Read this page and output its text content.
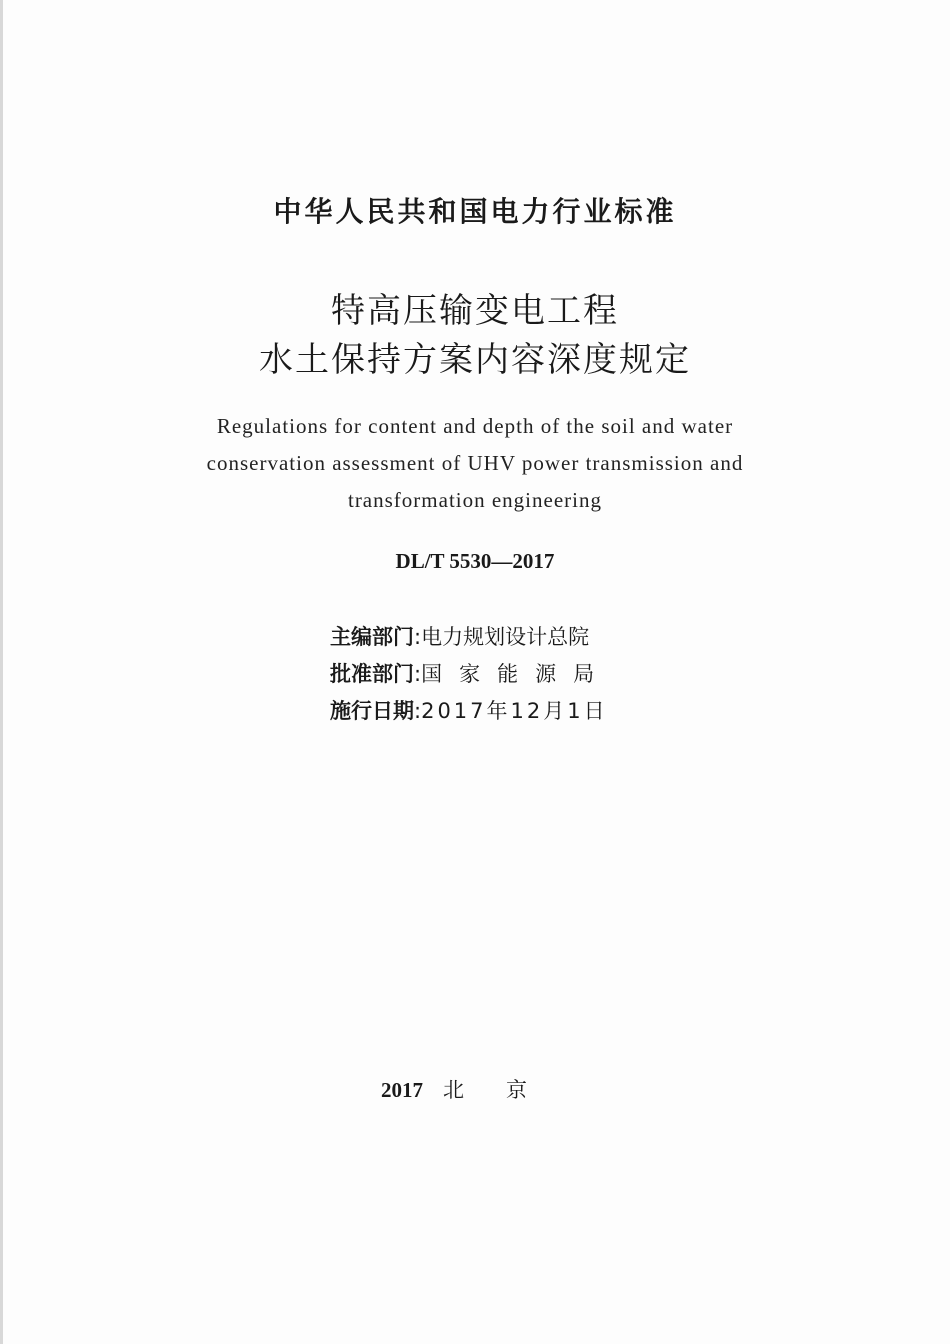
中华人民共和国电力行业标准
特高压输变电工程
水土保持方案内容深度规定
Regulations for content and depth of the soil and water
conservation assessment of UHV power transmission and
transformation engineering
DL/T 5530—2017
主编部门:电力规划设计总院
批准部门:国家能源局
施行日期:2017年12月1日
2017 北京
